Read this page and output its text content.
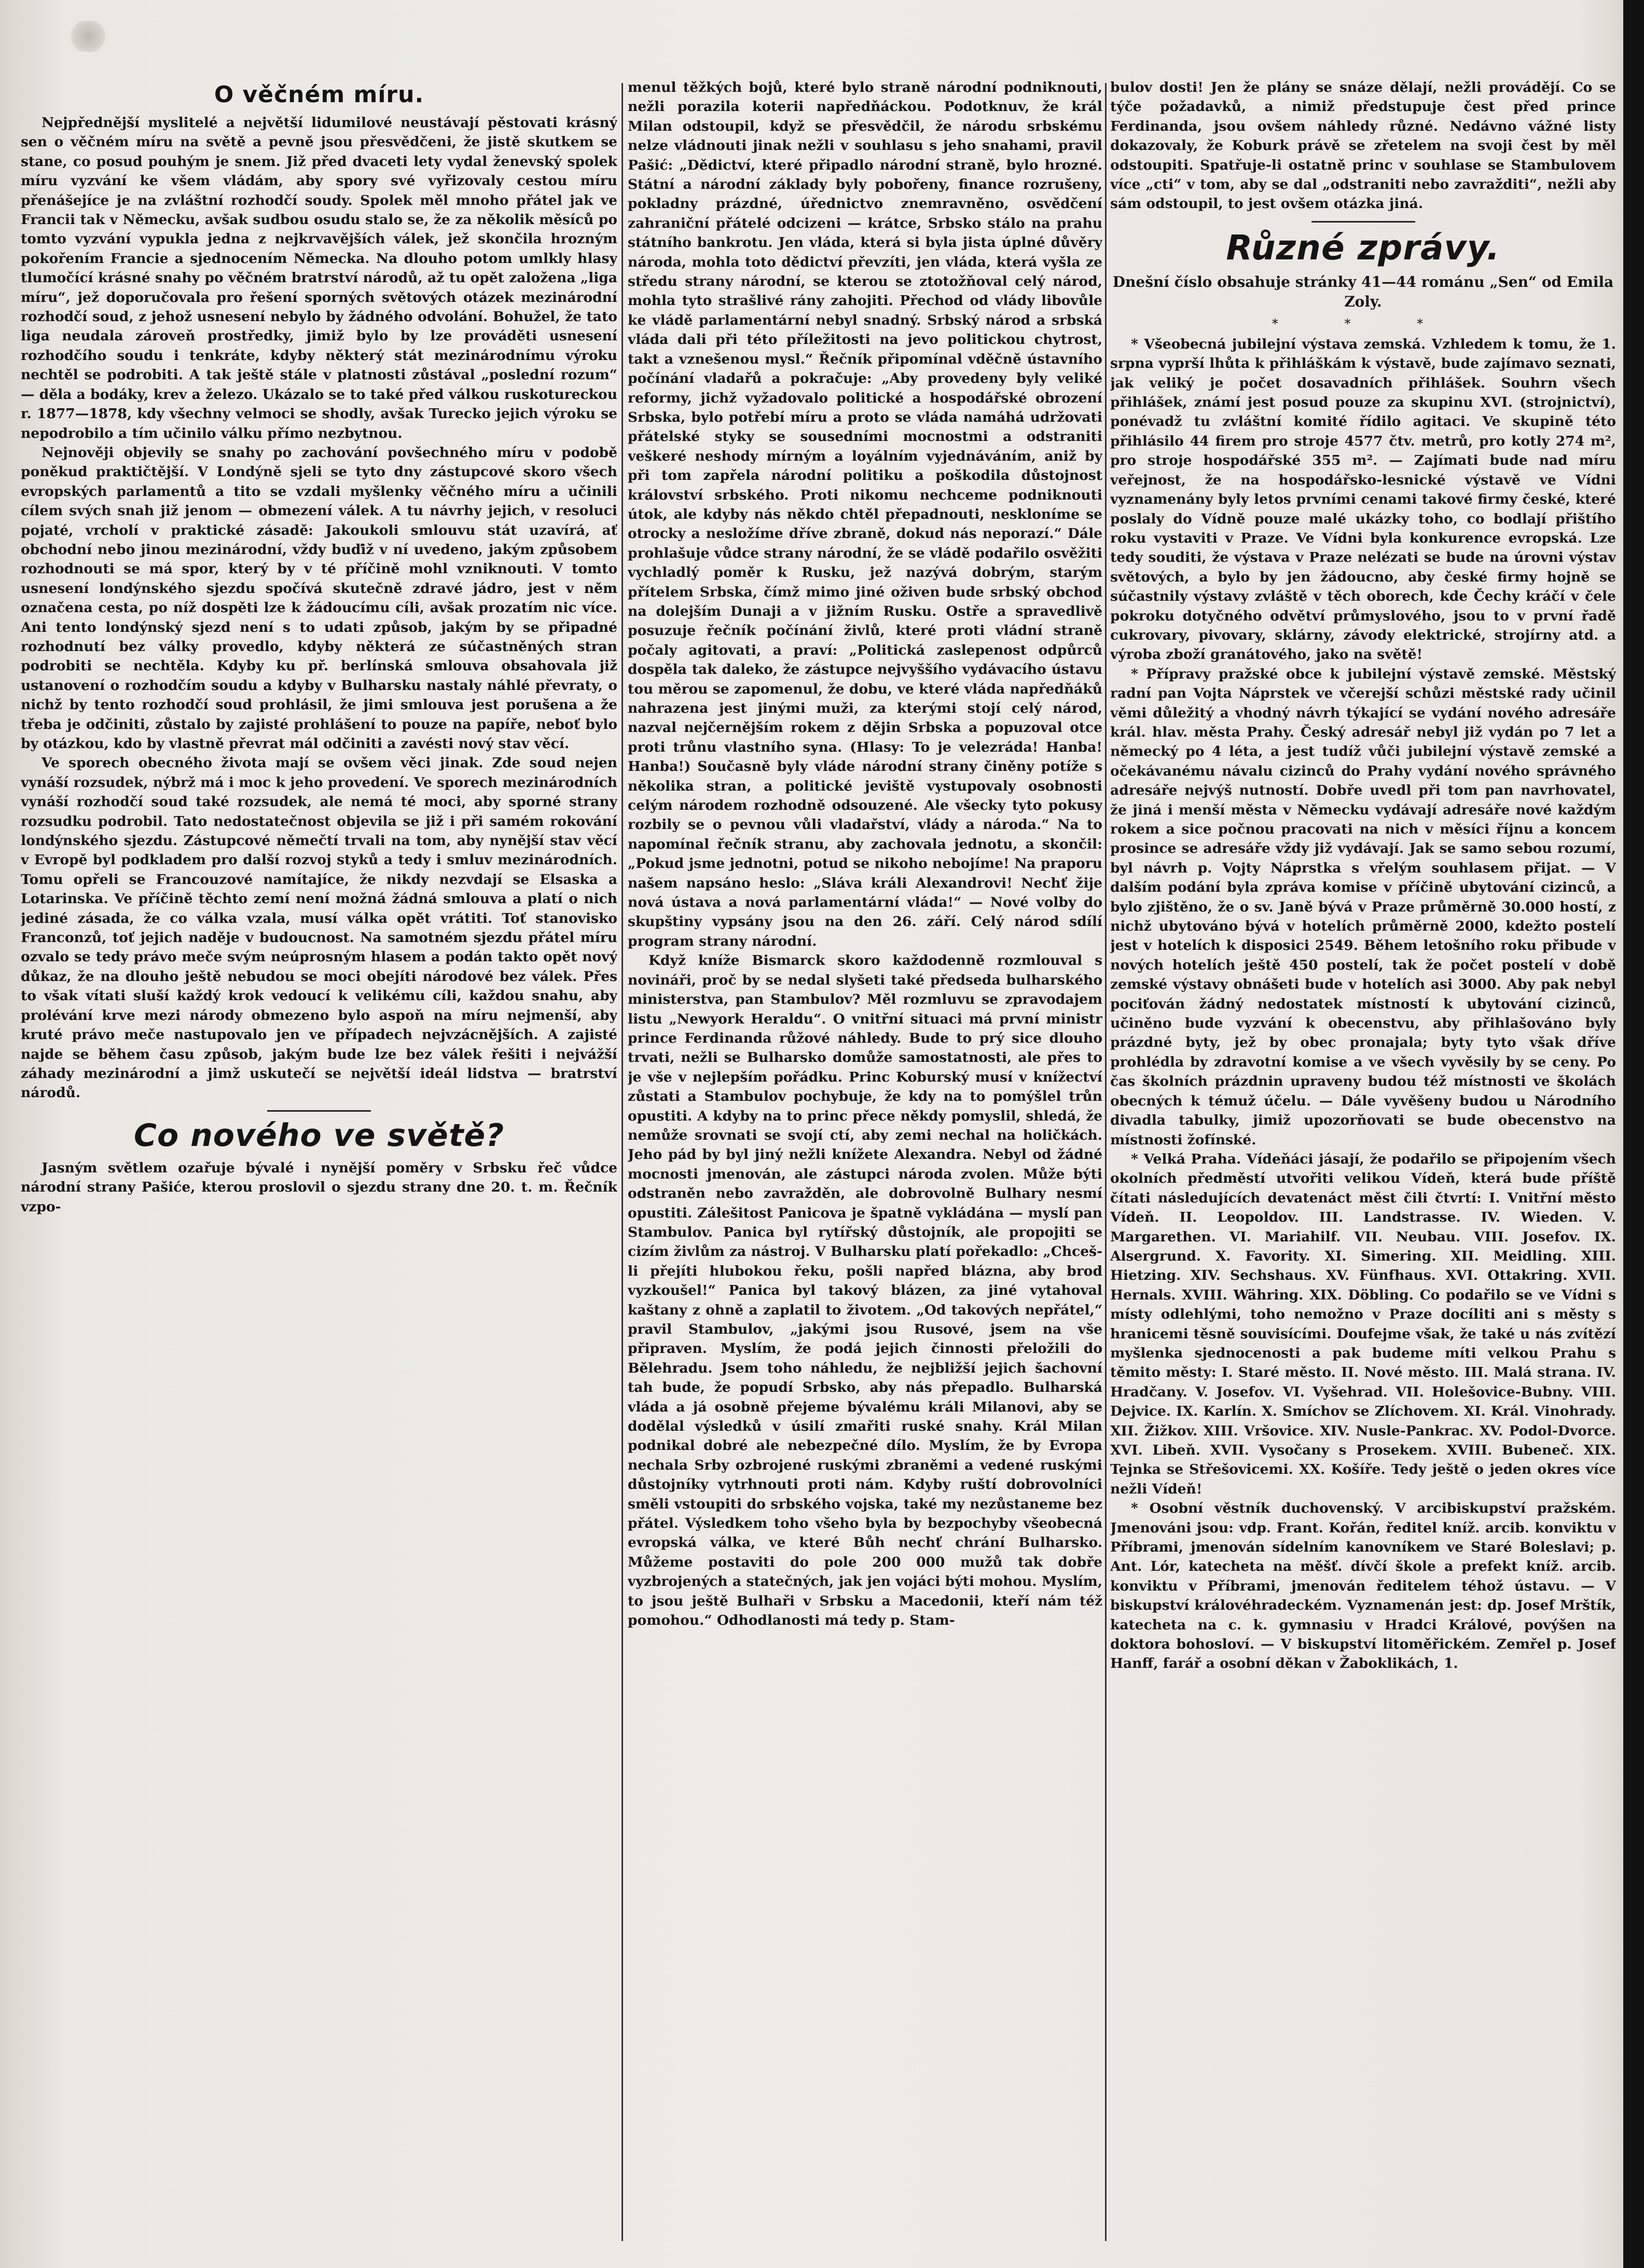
O věčném míru.

Nejpřednější myslitelé a největší lidumilové neustávají pěstovati krásný sen o věčném míru na světě a pevně jsou přesvědčeni, že jistě skutkem se stane, co posud pouhým je snem. Již před dvaceti lety vydal ženevský spolek míru vyzvání ke všem vládám, aby spory své vyřizovaly cestou míru přenášejíce je na zvláštní rozhodčí soudy. Spolek měl mnoho přátel jak ve Francii tak v Německu, avšak sudbou osudu stalo se, že za několik měsíců po tomto vyzvání vypukla jedna z nejkrvavějších válek, jež skončila hrozným pokořením Francie a sjednocením Německa. Na dlouho potom umlkly hlasy tlumočící krásné snahy po věčném bratrství národů, až tu opět založena „liga míru“, jež doporučovala pro řešení sporných světových otázek mezinárodní rozhodčí soud, z jehož usnesení nebylo by žádného odvolání. Bohužel, že tato liga neudala zároveň prostředky, jimiž bylo by lze prováděti usnesení rozhodčího soudu i tenkráte, kdyby některý stát mezinárodnímu výroku nechtěl se podrobiti. A tak ještě stále v platnosti zůstával „poslední rozum“ — děla a bodáky, krev a železo. Ukázalo se to také před válkou ruskotureckou r. 1877—1878, kdy všechny velmoci se shodly, avšak Turecko jejich výroku se nepodrobilo a tím učinilo válku přímo nezbytnou.

Nejnověji objevily se snahy po zachování povšechného míru v podobě poněkud praktičtější. V Londýně sjeli se tyto dny zástupcové skoro všech evropských parlamentů a tito se vzdali myšlenky věčného míru a učinili cílem svých snah již jenom — obmezení válek. A tu návrhy jejich, v resoluci pojaté, vrcholí v praktické zásadě: Jakoukoli smlouvu stát uzavírá, ať obchodní nebo jinou mezinárodní, vždy buďiž v ní uvedeno, jakým způsobem rozhodnouti se má spor, který by v té příčině mohl vzniknouti. V tomto usnesení londýnského sjezdu spočívá skutečně zdravé jádro, jest v něm označena cesta, po níž dospěti lze k žádoucímu cíli, avšak prozatím nic více. Ani tento londýnský sjezd není s to udati způsob, jakým by se připadné rozhodnutí bez války provedlo, kdyby některá ze súčastněných stran podrobiti se nechtěla. Kdyby ku př. berlínská smlouva obsahovala již ustanovení o rozhodčím soudu a kdyby v Bulharsku nastaly náhlé převraty, o nichž by tento rozhodčí soud prohlásil, že jimi smlouva jest porušena a že třeba je odčiniti, zůstalo by zajisté prohlášení to pouze na papíře, neboť bylo by otázkou, kdo by vlastně převrat mál odčiniti a zavésti nový stav věcí.

Ve sporech obecného života mají se ovšem věci jinak. Zde soud nejen vynáší rozsudek, nýbrž má i moc k jeho provedení. Ve sporech mezinárodních vynáší rozhodčí soud také rozsudek, ale nemá té moci, aby sporné strany rozsudku podrobil. Tato nedostatečnost objevila se již i při samém rokování londýnského sjezdu. Zástupcové němečtí trvali na tom, aby nynější stav věcí v Evropě byl podkladem pro další rozvoj styků a tedy i smluv mezinárodních. Tomu opřeli se Francouzové namítajíce, že nikdy nezvdají se Elsaska a Lotarinska. Ve příčině těchto zemí není možná žádná smlouva a platí o nich jediné zásada, že co válka vzala, musí válka opět vrátiti. Toť stanovisko Franconzů, toť jejich naděje v budoucnost. Na samotném sjezdu přátel míru ozvalo se tedy právo meče svým neúprosným hlasem a podán takto opět nový důkaz, že na dlouho ještě nebudou se moci obejíti národové bez válek. Přes to však vítati sluší každý krok vedoucí k velikému cíli, každou snahu, aby prolévání krve mezi národy obmezeno bylo aspoň na míru nejmenší, aby kruté právo meče nastupovalo jen ve případech nejvzácnějších. A zajisté najde se během času způsob, jakým bude lze bez válek řešiti i nejvážší záhady mezinárodní a jimž uskutečí se největší ideál lidstva — bratrství národů.

Co nového ve světě?

Jasným světlem ozařuje bývalé i nynější poměry v Srbsku řeč vůdce národní strany Pašiće, kterou proslovil o sjezdu strany dne 20. t. m. Řečník vzpo-

menul těžkých bojů, které bylo straně národní podniknouti, nežli porazila koterii napředňáckou. Podotknuv, že král Milan odstoupil, když se přesvědčil, že národu srbskému nelze vládnouti jinak nežli v souhlasu s jeho snahami, pravil Pašić: „Dědictví, které připadlo národní straně, bylo hrozné. Státní a národní základy byly pobořeny, finance rozrušeny, pokladny prázdné, úřednictvo znemravněno, osvědčení zahraniční přátelé odcizeni — krátce, Srbsko stálo na prahu státního bankrotu. Jen vláda, která si byla jista úplné důvěry národa, mohla toto dědictví převzíti, jen vláda, která vyšla ze středu strany národní, se kterou se ztotožňoval celý národ, mohla tyto strašlivé rány zahojiti. Přechod od vlády libovůle ke vládě parlamentární nebyl snadný. Srbský národ a srbská vláda dali při této příležitosti na jevo politickou chytrost, takt a vznešenou mysl.“ Řečník připomínal vděčně ústavního počínání vladařů a pokračuje: „Aby provedeny byly veliké reformy, jichž vyžadovalo politické a hospodářské obrození Srbska, bylo potřebí míru a proto se vláda namáhá udržovati přátelské styky se sousedními mocnostmi a odstraniti veškeré neshody mírným a loyálním vyjednáváním, aniž by při tom zapřela národní politiku a poškodila důstojnost království srbského. Proti nikomu nechceme podniknouti útok, ale kdyby nás někdo chtěl přepadnouti, neskloníme se otrocky a nesložíme dříve zbraně, dokud nás neporazí.“ Dále prohlašuje vůdce strany národní, že se vládě podařilo osvěžiti vychladlý poměr k Rusku, jež nazývá dobrým, starým přítelem Srbska, čímž mimo jiné oživen bude srbský obchod na dolejším Dunaji a v jižním Rusku. Ostře a spravedlivě posuzuje řečník počínání živlů, které proti vládní straně počaly agitovati, a praví: „Politická zaslepenost odpůrců dospěla tak daleko, že zástupce nejvyššího vydávacího ústavu tou měrou se zapomenul, že dobu, ve které vláda napředňáků nahrazena jest jinými muži, za kterými stojí celý národ, nazval nejčernějším rokem z dějin Srbska a popuzoval otce proti trůnu vlastního syna. (Hlasy: To je velezráda! Hanba! Hanba!) Současně byly vláde národní strany činěny potíže s několika stran, a politické jeviště vystupovaly osobnosti celým národem rozhodně odsouzené. Ale všecky tyto pokusy rozbily se o pevnou vůli vladařství, vlády a národa.“ Na to napomínal řečník stranu, aby zachovala jednotu, a skončil: „Pokud jsme jednotni, potud se nikoho nebojíme! Na praporu našem napsáno heslo: „Sláva králi Alexandrovi! Nechť žije nová ústava a nová parlamentární vláda!“ — Nové volby do skupštiny vypsány jsou na den 26. září. Celý národ sdílí program strany národní.

Když kníže Bismarck skoro každodenně rozmlouval s novináři, proč by se nedal slyšeti také předseda bulharského ministerstva, pan Stambulov? Měl rozmluvu se zpravodajem listu „Newyork Heraldu“. O vnitřní situaci má první ministr prince Ferdinanda růžové náhledy. Bude to prý sice dlouho trvati, nežli se Bulharsko domůže samostatnosti, ale přes to je vše v nejlepším pořádku. Princ Koburský musí v knížectví zůstati a Stambulov pochybuje, že kdy na to pomýšlel trůn opustiti. A kdyby na to princ přece někdy pomyslil, shledá, že nemůže srovnati se svojí ctí, aby zemi nechal na holičkách. Jeho pád by byl jiný nežli knížete Alexandra. Nebyl od žádné mocnosti jmenován, ale zástupci národa zvolen. Může býti odstraněn nebo zavražděn, ale dobrovolně Bulhary nesmí opustiti. Zálešitost Panicova je špatně vykládána — myslí pan Stambulov. Panica byl rytířský důstojník, ale propojiti se cizím živlům za nástroj. V Bulharsku platí pořekadlo: „Chceš-li přejíti hlubokou řeku, pošli napřed blázna, aby brod vyzkoušel!“ Panica byl takový blázen, za jiné vytahoval kaštany z ohně a zaplatil to životem. „Od takových nepřátel,“ pravil Stambulov, „jakými jsou Rusové, jsem na vše připraven. Myslím, že podá jejich činnosti přeložili do Bělehradu. Jsem toho náhledu, že nejbližší jejich šachovní tah bude, že popudí Srbsko, aby nás přepadlo. Bulharská vláda a já osobně přejeme bývalému králi Milanovi, aby se dodělal výsledků v úsilí zmařiti ruské snahy. Král Milan podnikal dobré ale nebezpečné dílo. Myslím, že by Evropa nechala Srby ozbrojené ruskými zbraněmi a vedené ruskými důstojníky vytrhnouti proti nám. Kdyby ruští dobrovolníci směli vstoupiti do srbského vojska, také my nezůstaneme bez přátel. Výsledkem toho všeho byla by bezpochyby všeobecná evropská válka, ve které Bůh nechť chrání Bulharsko. Můžeme postaviti do pole 200 000 mužů tak dobře vyzbrojených a statečných, jak jen vojáci býti mohou. Myslím, to jsou ještě Bulhaři v Srbsku a Macedonii, kteří nám též pomohou.“ Odhodlanosti má tedy p. Stam-

bulov dosti! Jen že plány se snáze dělají, nežli provádějí. Co se týče požadavků, a nimiž předstupuje čest před prince Ferdinanda, jsou ovšem náhledy různé. Nedávno vážné listy dokazovaly, že Koburk právě se zřetelem na svoji čest by měl odstoupiti. Spatřuje-li ostatně princ v souhlase se Stambulovem více „cti“ v tom, aby se dal „odstraniti nebo zavražditi“, nežli aby sám odstoupil, to jest ovšem otázka jiná.

Různé zprávy.
Dnešní číslo obsahuje stránky 41—44 románu „Sen“ od Emila Zoly.
* * *

* Všeobecná jubilejní výstava zemská. Vzhledem k tomu, že 1. srpna vyprší lhůta k přihláškám k výstavě, bude zajímavo seznati, jak veliký je počet dosavadních přihlášek. Souhrn všech přihlášek, známí jest posud pouze za skupinu XVI. (strojnictví), ponévadž tu zvláštní komité řídilo agitaci. Ve skupině této přihlásilo 44 firem pro stroje 4577 čtv. metrů, pro kotly 274 m², pro stroje hospodářské 355 m². — Zajímati bude nad míru veřejnost, že na hospodářsko-lesnické výstavě ve Vídni vyznamenány byly letos prvními cenami takové firmy české, které poslaly do Vídně pouze malé ukázky toho, co bodlají přištího roku vystaviti v Praze. Ve Vídni byla konkurence evropská. Lze tedy souditi, že výstava v Praze nelézati se bude na úrovni výstav světových, a bylo by jen žádoucno, aby české firmy hojně se súčastnily výstavy zvláště v těch oborech, kde Čechy kráčí v čele pokroku dotyčného odvětví průmyslového, jsou to v první řadě cukrovary, pivovary, sklárny, závody elektrické, strojírny atd. a výroba zboží granátového, jako na světě!

* Přípravy pražské obce k jubilejní výstavě zemské. Městský radní pan Vojta Náprstek ve včerejší schůzi městské rady učinil věmi důležitý a vhodný návrh týkající se vydání nového adresáře král. hlav. města Prahy. Český adresář nebyl již vydán po 7 let a německý po 4 léta, a jest tudíž vůči jubilejní výstavě zemské a očekávanému návalu cizinců do Prahy vydání nového správného adresáře nejvýš nutností. Dobře uvedl při tom pan navrhovatel, že jiná i menší města v Německu vydávají adresáře nové každým rokem a sice počnou pracovati na nich v měsíci říjnu a koncem prosince se adresáře vždy již vydávají. Jak se samo sebou rozumí, byl návrh p. Vojty Náprstka s vřelým souhlasem přijat. — V dalším podání byla zpráva komise v příčině ubytování cizinců, a bylo zjištěno, že o sv. Janě bývá v Praze průměrně 30.000 hostí, z nichž ubytováno bývá v hotelích průměrně 2000, kdežto postelí jest v hotelích k disposici 2549. Během letošního roku přibude v nových hotelích ještě 450 postelí, tak že počet postelí v době zemské výstavy obnášeti bude v hotelích asi 3000. Aby pak nebyl pociťován žádný nedostatek místností k ubytování cizinců, učiněno bude vyzvání k obecenstvu, aby přihlašováno byly prázdné byty, jež by obec pronajala; byty tyto však dříve prohlédla by zdravotní komise a ve všech vyvěsily by se ceny. Po čas školních prázdnin upraveny budou též místnosti ve školách obecných k témuž účelu. — Dále vyvěšeny budou u Národního divadla tabulky, jimiž upozorňovati se bude obecenstvo na místnosti žofínské.

* Velká Praha. Vídeňáci jásají, že podařilo se připojením všech okolních předměstí utvořiti velikou Vídeň, která bude příště čítati následujících devatenáct měst čili čtvrtí: I. Vnitřní město Vídeň. II. Leopoldov. III. Landstrasse. IV. Wieden. V. Margarethen. VI. Mariahilf. VII. Neubau. VIII. Josefov. IX. Alsergrund. X. Favority. XI. Simering. XII. Meidling. XIII. Hietzing. XIV. Sechshaus. XV. Fünfhaus. XVI. Ottakring. XVII. Hernals. XVIII. Währing. XIX. Döbling. Co podařilo se ve Vídni s místy odlehlými, toho nemožno v Praze docíliti ani s městy s hranicemi těsně souvisícími. Doufejme však, že také u nás zvítězí myšlenka sjednocenosti a pak budeme míti velkou Prahu s těmito městy: I. Staré město. II. Nové město. III. Malá strana. IV. Hradčany. V. Josefov. VI. Vyšehrad. VII. Holešovice-Bubny. VIII. Dejvice. IX. Karlín. X. Smíchov se Zlíchovem. XI. Král. Vinohrady. XII. Žižkov. XIII. Vršovice. XIV. Nusle-Pankrac. XV. Podol-Dvorce. XVI. Libeň. XVII. Vysočany s Prosekem. XVIII. Bubeneč. XIX. Tejnka se Střešovicemi. XX. Košíře. Tedy ještě o jeden okres více nežli Vídeň!

* Osobní věstník duchovenský. V arcibiskupství pražském. Jmenováni jsou: vdp. Frant. Kořán, ředitel kníž. arcib. konviktu v Příbrami, jmenován sídelním kanovníkem ve Staré Boleslavi; p. Ant. Lór, katecheta na měšť. dívčí škole a prefekt kníž. arcib. konviktu v Příbrami, jmenován ředitelem téhož ústavu. — V biskupství královéhradeckém. Vyznamenán jest: dp. Josef Mrštík, katecheta na c. k. gymnasiu v Hradci Králové, povýšen na doktora bohosloví. — V biskupství litoměřickém. Zemřel p. Josef Hanff, farář a osobní děkan v Žaboklikách, 1.
